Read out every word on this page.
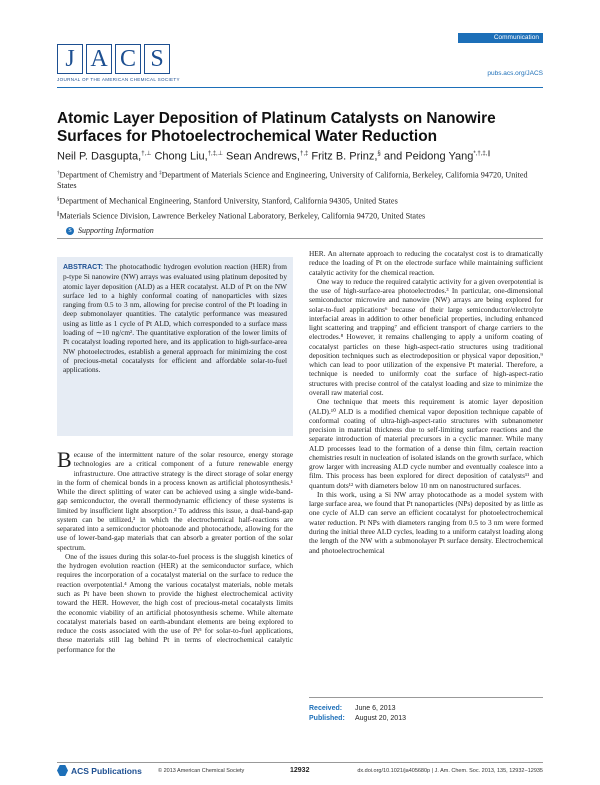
J A C S
JOURNAL OF THE AMERICAN CHEMICAL SOCIETY
Communication
pubs.acs.org/JACS
Atomic Layer Deposition of Platinum Catalysts on Nanowire Surfaces for Photoelectrochemical Water Reduction
Neil P. Dasgupta,†,⊥ Chong Liu,†,‡,⊥ Sean Andrews,†,‡ Fritz B. Prinz,§ and Peidong Yang*,†,‡,∥

†Department of Chemistry and ‡Department of Materials Science and Engineering, University of California, Berkeley, California 94720, United States

§Department of Mechanical Engineering, Stanford University, Stanford, California 94305, United States

∥Materials Science Division, Lawrence Berkeley National Laboratory, Berkeley, California 94720, United States

S Supporting Information
ABSTRACT: The photocathodic hydrogen evolution reaction (HER) from p-type Si nanowire (NW) arrays was evaluated using platinum deposited by atomic layer deposition (ALD) as a HER cocatalyst. ALD of Pt on the NW surface led to a highly conformal coating of nanoparticles with sizes ranging from 0.5 to 3 nm, allowing for precise control of the Pt loading in deep submonolayer quantities. The catalytic performance was measured using as little as 1 cycle of Pt ALD, which corresponded to a surface mass loading of ∼10 ng/cm². The quantitative exploration of the lower limits of Pt cocatalyst loading reported here, and its application to high-surface-area NW photoelectrodes, establish a general approach for minimizing the cost of precious-metal cocatalysts for efficient and affordable solar-to-fuel applications.

Because of the intermittent nature of the solar resource, energy storage technologies are a critical component of a future renewable energy infrastructure. One attractive strategy is the direct storage of solar energy in the form of chemical bonds in a process known as artificial photosynthesis.¹ While the direct splitting of water can be achieved using a single wide-band-gap semiconductor, the overall thermodynamic efficiency of these systems is limited by insufficient light absorption.² To address this issue, a dual-band-gap system can be utilized,³ in which the electrochemical half-reactions are separated into a semiconductor photoanode and photocathode, allowing for the use of lower-band-gap materials that can absorb a greater portion of the solar spectrum.

One of the issues during this solar-to-fuel process is the sluggish kinetics of the hydrogen evolution reaction (HER) at the semiconductor surface, which requires the incorporation of a cocatalyst material on the surface to reduce the reaction overpotential.⁴ Among the various cocatalyst materials, noble metals such as Pt have been shown to provide the highest electrochemical activity toward the HER. However, the high cost of precious-metal cocatalysts limits the economic viability of an artificial photosynthesis scheme. While alternate cocatalyst materials based on earth-abundant elements are being explored to reduce the costs associated with the use of Pt⁵ for solar-to-fuel applications, these materials still lag behind Pt in terms of electrochemical catalytic performance for the

HER. An alternate approach to reducing the cocatalyst cost is to dramatically reduce the loading of Pt on the electrode surface while maintaining sufficient catalytic activity for the chemical reaction.

One way to reduce the required catalytic activity for a given overpotential is the use of high-surface-area photoelectrodes.³ In particular, one-dimensional semiconductor microwire and nanowire (NW) arrays are being explored for solar-to-fuel applications⁶ because of their large semiconductor/electrolyte interfacial areas in addition to other beneficial properties, including enhanced light scattering and trapping⁷ and efficient transport of charge carriers to the electrodes.⁸ However, it remains challenging to apply a uniform coating of cocatalyst particles on these high-aspect-ratio structures using traditional deposition techniques such as electrodeposition or physical vapor deposition,⁹ which can lead to poor utilization of the expensive Pt material. Therefore, a technique is needed to uniformly coat the surface of high-aspect-ratio structures with precise control of the catalyst loading and size to minimize the overall raw material cost.

One technique that meets this requirement is atomic layer deposition (ALD).¹⁰ ALD is a modified chemical vapor deposition technique capable of conformal coating of ultra-high-aspect-ratio structures with subnanometer precision in material thickness due to self-limiting surface reactions and the separate introduction of material precursors in a cyclic manner. While many ALD processes lead to the formation of a dense thin film, certain reaction chemistries result in nucleation of isolated islands on the growth surface, which grow larger with increasing ALD cycle number and eventually coalesce into a film. This process has been explored for direct deposition of catalysts¹¹ and quantum dots¹² with diameters below 10 nm on nanostructured surfaces.

In this work, using a Si NW array photocathode as a model system with large surface area, we found that Pt nanoparticles (NPs) deposited by as little as one cycle of ALD can serve an efficient cocatalyst for photoelectrochemical water reduction. Pt NPs with diameters ranging from 0.5 to 3 nm were formed during the initial three ALD cycles, leading to a uniform catalyst loading along the length of the NW with a submonolayer Pt surface density. Electrochemical and photoelectrochemical

Received: June 6, 2013
Published: August 20, 2013
ACS Publications	© 2013 American Chemical Society	12932	dx.doi.org/10.1021/ja405680p | J. Am. Chem. Soc. 2013, 135, 12932−12935
